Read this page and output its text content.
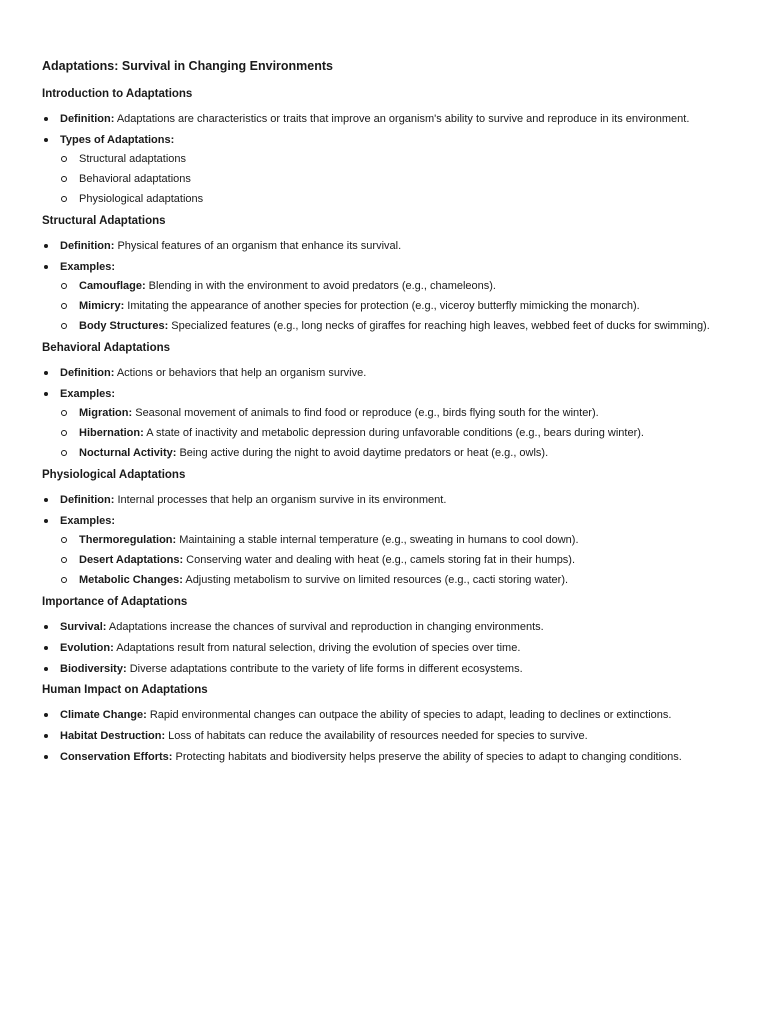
Adaptations: Survival in Changing Environments
Introduction to Adaptations
Definition: Adaptations are characteristics or traits that improve an organism's ability to survive and reproduce in its environment.
Types of Adaptations:
Structural adaptations
Behavioral adaptations
Physiological adaptations
Structural Adaptations
Definition: Physical features of an organism that enhance its survival.
Examples:
Camouflage: Blending in with the environment to avoid predators (e.g., chameleons).
Mimicry: Imitating the appearance of another species for protection (e.g., viceroy butterfly mimicking the monarch).
Body Structures: Specialized features (e.g., long necks of giraffes for reaching high leaves, webbed feet of ducks for swimming).
Behavioral Adaptations
Definition: Actions or behaviors that help an organism survive.
Examples:
Migration: Seasonal movement of animals to find food or reproduce (e.g., birds flying south for the winter).
Hibernation: A state of inactivity and metabolic depression during unfavorable conditions (e.g., bears during winter).
Nocturnal Activity: Being active during the night to avoid daytime predators or heat (e.g., owls).
Physiological Adaptations
Definition: Internal processes that help an organism survive in its environment.
Examples:
Thermoregulation: Maintaining a stable internal temperature (e.g., sweating in humans to cool down).
Desert Adaptations: Conserving water and dealing with heat (e.g., camels storing fat in their humps).
Metabolic Changes: Adjusting metabolism to survive on limited resources (e.g., cacti storing water).
Importance of Adaptations
Survival: Adaptations increase the chances of survival and reproduction in changing environments.
Evolution: Adaptations result from natural selection, driving the evolution of species over time.
Biodiversity: Diverse adaptations contribute to the variety of life forms in different ecosystems.
Human Impact on Adaptations
Climate Change: Rapid environmental changes can outpace the ability of species to adapt, leading to declines or extinctions.
Habitat Destruction: Loss of habitats can reduce the availability of resources needed for species to survive.
Conservation Efforts: Protecting habitats and biodiversity helps preserve the ability of species to adapt to changing conditions.
